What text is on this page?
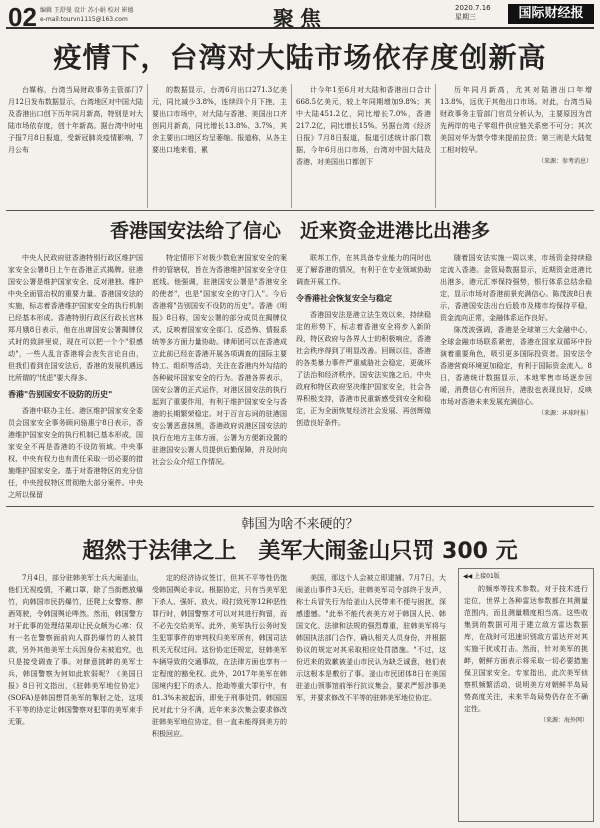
02 编辑 王舒曼 设计 苏小娟 校对 崔德
e-mail:tourvn1115@163.com	聚焦	2020.7.16
星期三	国际财经报
疫情下，台湾对大陆市场依存度创新高

台媒称，台湾当局财政事务主管部门7月12日发布数据显示，台湾地区对中国大陆及香港出口创下历年同月新高，特别是对大陆市场依存度，创十年新高。据台湾中时电子报7月8日报道，受新冠肺炎疫情影响，7月公布

的数据显示，台湾6月出口271.3亿美元，同比减少3.8%，连续四个月下挫，主要出口市场中，对大陆与香港、美国出口齐创同月新高，同比增长13.8%、3.7%，其余主要出口地区均呈萎缩。报道称，从各主要出口地来看，累

计今年1至6月对大陆和香港出口合计668.5亿美元，较上年同期增加9.8%；其中大陆451.2亿，同比增长7.0%，香港217.2亿，同比增长15%。另据台湾《经济日报》7月8日报道，报道引述统计部门数据，今年6月出口市场，台湾对中国大陆及香港、对美国出口都创下

历年同月新高，尤其对陆港出口年增13.8%，远优于其他出口市场。对此，台湾当局财政事务主管部门官员分析认为，主要原因为首先两岸的电子零组件供应链关系密不可分；其次美国对华为禁令带来提前拉货；第三则是大陆复工相对较早。

（来源：参考消息）
香港国安法给了信心　近来资金进港比出港多

中央人民政府驻香港特别行政区维护国家安全公署8日上午在香港正式揭牌。驻港国安公署是维护国家安全、反对港独、维护中央全面管治权的重要力量。香港国安法的实施，标志着香港维护国家安全的执行机制已经基本形成。香港特别行政区行政长官林郑月娥8日表示，他在出席国安公署揭牌仪式时的致辞里说，现在可以把一个个"很感动"，一些人乱言香港将会丧失言论自由，但我们看到在国安法后，香港的发展机遇远比所谓的"忧虑"要大得多。

香港"告别国安不设防的历史"

香港中联办主任、港区维护国家安全委员会国家安全事务顾问骆惠宁8日表示，香港维护国家安全的执行机制已基本形成，国家安全不再是香港的不设防领域。中央事权、中央有权力也有责任采取一切必要的措施维护国家安全。基于对香港特区的充分信任，中央授权特区贯彻绝大部分案件。中央之所以保留

特定情形下对极少数危害国家安全的案件的管辖权，旨在为香港维护国家安全守住底线。他强调，驻港国安公署是"香港安全的使者"，也是"国家安全的守门人"。今后香港将"告别国安不设防的历史"。香港《明报》8日称，国安公署的部分成员在揭牌仪式，反映着国家安全部门、反恐怖、情报系统等多方面力量协助。律师团可以在香港成立此前已经在香港开展各项调查的国际主要特工、组织等活动，关注在香港内外勾结的各种破坏国家安全的行为。香港各界表示，国安公署的正式运作，对港区国安法的执行起到了重要作用，有利于维护国家安全与香港的长期繁荣稳定。对于百言忘词的驻港国安公署恶意抹黑，香港政府说港区国安法的执行在地方主体方面，公署为方便新设置的驻港国安公署人员提供后勤保障，并及时向社会公众介绍工作情况。

联邦工作，在其具备专业能力的同时也更了解香港的情况，有利于在专业领域协助调查开展工作。

令香港社会恢复安全与稳定

香港国安法是港立法生效以来，持续稳定的形势下，标志着香港安全将步入新阶段，特区政府与各界人士的积极响应，香港社会秩序得到了明显改善。回顾以往，香港的各类暴力事件严重威胁社会稳定，更破坏了法治和经济秩序。国安法实施之后，中央政府和特区政府坚决维护国家安全，社会各界积极支持，香港市民重新感受到安全和稳定，正为全面恢复经济社会发展、再创辉煌创造良好条件。

随着国安法实施一周以来，市场资金持续稳定流入香港。金管局数据显示，近期资金进港比出港多，港元汇率保持强势，银行体系总结余稳定，显示市场对香港前景充满信心。陈茂波8日表示，香港国安法出台后股市及楼市均保持平稳，资金流向正常，金融体系运作良好。

陈茂波强调，香港是全球第三大金融中心，全球金融市场联系紧密，香港在国家双循环中扮演着重要角色，吸引更多国际投资者。国安法令香港营商环境更加稳定，有利于国际资金流入。8日，香港统计数据显示，本地零售市场逐步回暖，消费信心有所回升，港股也表现良好，反映市场对香港未来发展充满信心。

（来源：环球时报）
韩国为啥不来硬的？
超然于法律之上　美军大闹釜山只罚 300 元

7月4日，部分驻韩美军士兵大闹釜山，他们无视疫情，不戴口罩，除了当街燃放爆竹，向韩国市民扔爆竹，还爬上女警察、醉酒驾驶，令韩国舆论哗然。然而，韩国警方对于此事的处理结果却让民众颇为心寒：仅有一名在警察面前向人群扔爆竹的人被罚款，另外其他美军士兵因身份未被追究，也只是接受调查了事。对肆意挑衅的美军士兵，韩国警察为何如此软弱呢？《美国日报》8日刊文指出，《驻韩美军地位协定》(SOFA)是韩国想罚美军的掣肘之处，这项不平等的协定让韩国警察对犯罪的美军束手无策。

定的经济协议签订，但其不平等性仍饱受韩国舆论非议。根据协定，只有当美军犯下杀人、强奸、放火、殴打致死等12种恶性罪行时，韩国警察才可以对其进行拘留，而不必先交给美军。此外，美军执行公务时发生犯罪事件的审判权归美军所有，韩国司法机关无权过问。这份协定还规定，驻韩美军车辆导致的交通事故，在法律方面也享有一定程度的豁免权。此外，2017年美军在韩国境内犯下的杀人、抢劫等重大罪行中，有81.3%未被起诉，即免于刑事处罚。韩国国民对此十分不满，近年来多次集会要求修改驻韩美军地位协定，但一直未能得到美方的积极回应。

美国，那这个人会被立即逮捕。7月7日，大闹釜山事件3天后，驻韩美军司令部终于发声，称士兵冒失行为给釜山人民带来不便与困扰，深感遗憾。"此举不能代表美方对于韩国人民、韩国文化、法律和法规的强烈尊重，驻韩美军将与韩国执法部门合作，确认相关人员身份，并根据协议的规定对其采取相应处罚措施。"不过，这份迟来的致歉被釜山市民认为缺乏诚意，他们表示这根本是敷衍了事。釜山市民团体8日在美国驻釜山领事馆前举行抗议集会，要求严惩涉事美军，并要求修改不平等的驻韩美军地位协定。

◀◀ 上接01版

的频率等技术参数。对于技术进行定位，世界上各种雷达参数都在其测量范围内，而且测量精度相当高。这些收集到的数据可用于建立敌方雷达数据库，在战时可迅速识别敌方雷达并对其实施干扰或打击。然而，针对美军的挑衅，朝鲜方面表示将采取一切必要措施保卫国家安全。专家指出，此次美军侦察机频繁活动，说明美方对朝鲜半岛局势高度关注，未来半岛局势仍存在不确定性。

（来源：海外网）
